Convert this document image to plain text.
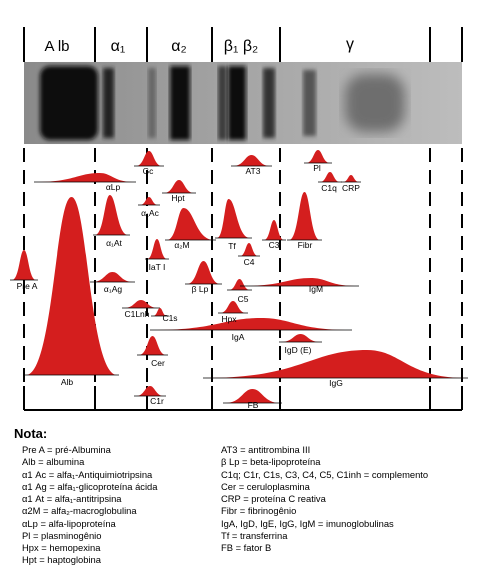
A lb	α₁	α₂ β₁ β₂	γ
Pre A
Alb
αLp
α₁At
α₁Ag
Gc
α₁Ac
Hpt
α₂M
IaT I
C1Lnh C1s
Cer
C1r
AT3
Tf	C3
C4
β Lp
C5
Hpx
IgA
IgD (E)
Pl
C1q CRP
Fibr
IgM
IgG
FB
Nota:
Pre A = pré-Albumina
Alb = albumina
α1 Ac = alfa₁-Antiquimiotripsina
α1 Ag = alfa₁-glicoproteína ácida
α1 At = alfa₁-antitripsina
α2M = alfa₂-macroglobulina
αLp = alfa-lipoproteína
Pl = plasminogênio
Hpx = hemopexina
Hpt = haptoglobina
AT3 = antitrombina III
β Lp = beta-lipoproteína
C1q; C1r, C1s, C3, C4, C5, C1inh = complemento
Cer = ceruloplasmina
CRP = proteína C reativa
Fibr = fibrinogênio
IgA, IgD, IgE, IgG, IgM = imunoglobulinas
Tf = transferrina
FB = fator B
